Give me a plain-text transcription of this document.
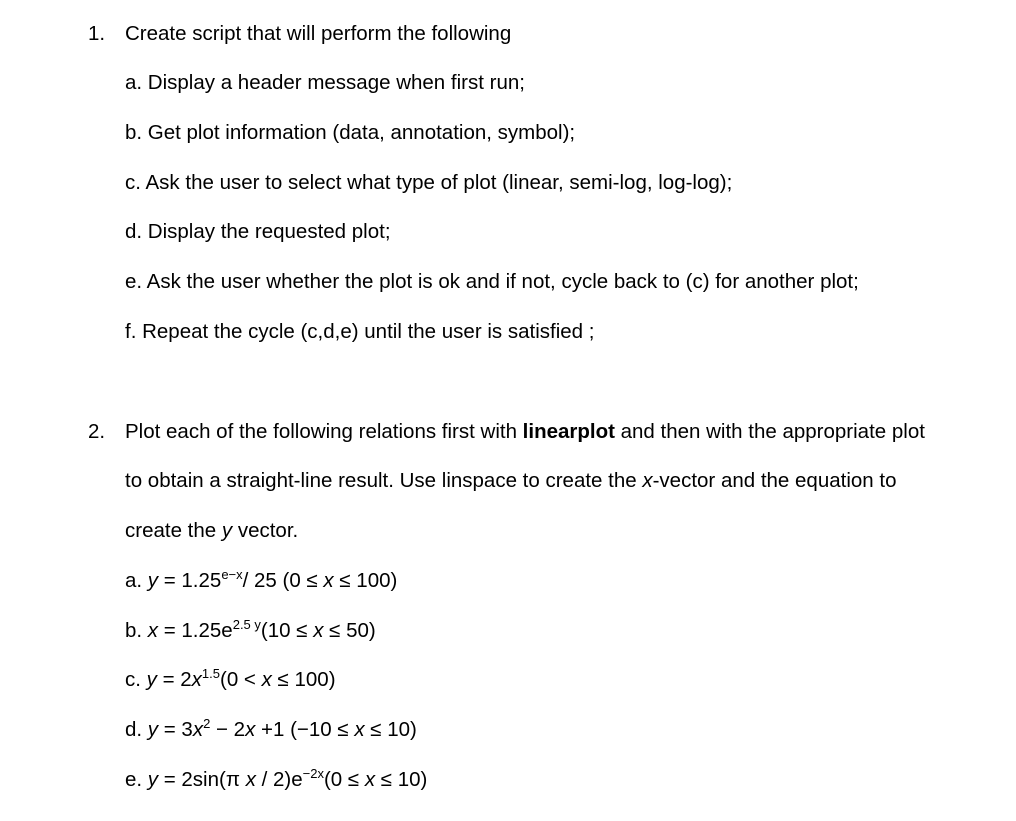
1. Create script that will perform the following
a. Display a header message when first run;
b. Get plot information (data, annotation, symbol);
c. Ask the user to select what type of plot (linear, semi-log, log-log);
d. Display the requested plot;
e. Ask the user whether the plot is ok and if not, cycle back to (c) for another plot;
f. Repeat the cycle (c,d,e) until the user is satisfied ;
2. Plot each of the following relations first with linearplot and then with the appropriate plot
to obtain a straight-line result. Use linspace to create the x-vector and the equation to
create the y vector.
a. $y = 1.25^{e-x}/$ 25 (0 ≤ x ≤ 100)
b. $x = 1.25e^{2.5 y}(10 \le x \le 50)$
c. $y = 2x^{1.5}(0 < x \le 100)$
d. $y = 3x^2 - 2x +1$ (−10 ≤ x ≤ 10)
e. y = 2sin(π $x / 2)e^{-2x}(0 \le x \le 10)$
